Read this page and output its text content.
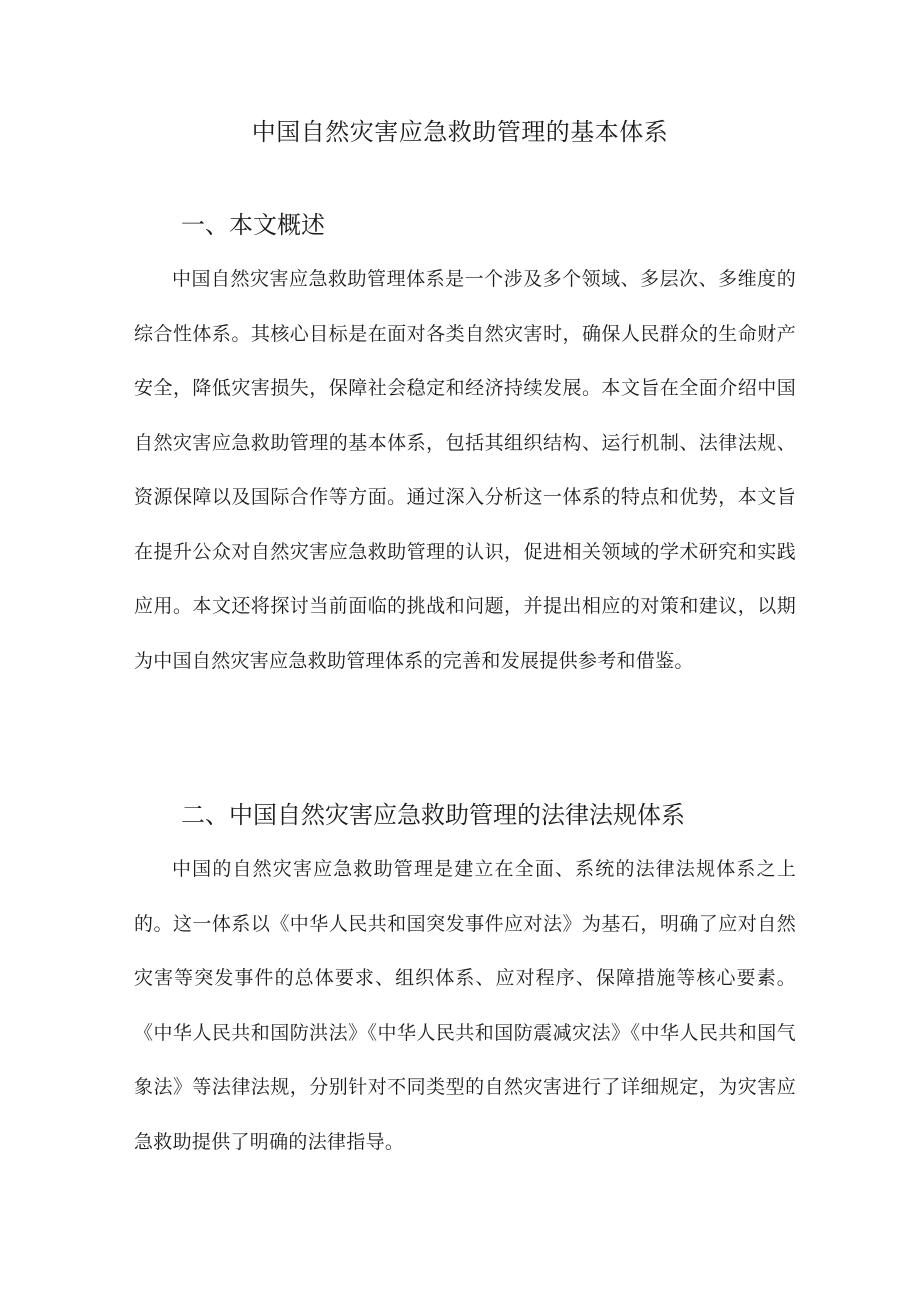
中国自然灾害应急救助管理的基本体系
一、本文概述

中国自然灾害应急救助管理体系是一个涉及多个领域、多层次、多维度的综合性体系。其核心目标是在面对各类自然灾害时，确保人民群众的生命财产安全，降低灾害损失，保障社会稳定和经济持续发展。本文旨在全面介绍中国自然灾害应急救助管理的基本体系，包括其组织结构、运行机制、法律法规、资源保障以及国际合作等方面。通过深入分析这一体系的特点和优势，本文旨在提升公众对自然灾害应急救助管理的认识，促进相关领域的学术研究和实践应用。本文还将探讨当前面临的挑战和问题，并提出相应的对策和建议，以期为中国自然灾害应急救助管理体系的完善和发展提供参考和借鉴。

二、中国自然灾害应急救助管理的法律法规体系

中国的自然灾害应急救助管理是建立在全面、系统的法律法规体系之上的。这一体系以《中华人民共和国突发事件应对法》为基石，明确了应对自然灾害等突发事件的总体要求、组织体系、应对程序、保障措施等核心要素。《中华人民共和国防洪法》《中华人民共和国防震减灾法》《中华人民共和国气象法》等法律法规，分别针对不同类型的自然灾害进行了详细规定，为灾害应急救助提供了明确的法律指导。
